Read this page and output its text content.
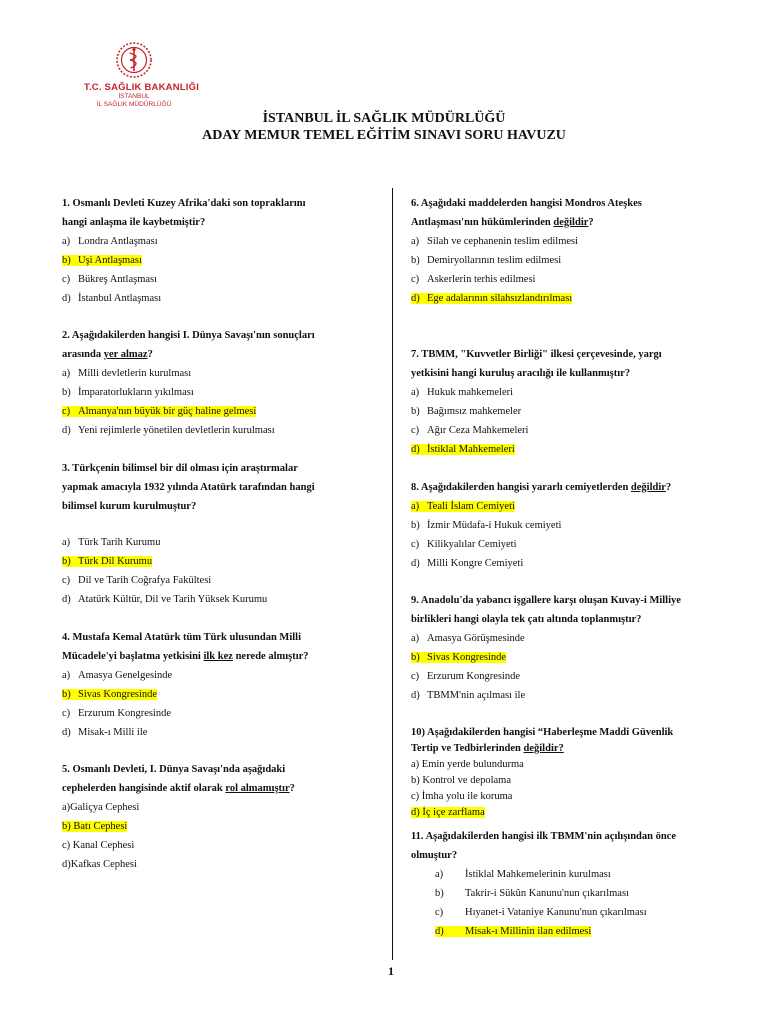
T.C. SAĞLIK BAKANLIĞI
İSTANBUL
İL SAĞLIK MÜDÜRLÜĞÜ
İSTANBUL İL SAĞLIK MÜDÜRLÜĞÜ
ADAY MEMUR TEMEL EĞİTİM SINAVI SORU HAVUZU
1. Osmanlı Devleti Kuzey Afrika'daki son topraklarını
hangi anlaşma ile kaybetmiştir?
a) Londra Antlaşması
b) Uşi Antlaşması
c) Bükreş Antlaşması
d) İstanbul Antlaşması
2. Aşağıdakilerden hangisi I. Dünya Savaşı'nın sonuçları
arasında yer almaz?
a) Milli devletlerin kurulması
b) İmparatorlukların yıkılması
c) Almanya'nın büyük bir güç haline gelmesi
d) Yeni rejimlerle yönetilen devletlerin kurulması
3. Türkçenin bilimsel bir dil olması için araştırmalar
yapmak amacıyla 1932 yılında Atatürk tarafından hangi
bilimsel kurum kurulmuştur?
a) Türk Tarih Kurumu
b) Türk Dil Kurumu
c) Dil ve Tarih Coğrafya Fakültesi
d) Atatürk Kültür, Dil ve Tarih Yüksek Kurumu
4. Mustafa Kemal Atatürk tüm Türk ulusundan Milli
Mücadele'yi başlatma yetkisini ilk kez nerede almıştır?
a) Amasya Genelgesinde
b) Sivas Kongresinde
c) Erzurum Kongresinde
d) Misak-ı Milli ile
5. Osmanlı Devleti, I. Dünya Savaşı'nda aşağıdaki
cephelerden hangisinde aktif olarak rol almamıştır?
a)Galiçya Cephesi
b) Batı Cephesi
c) Kanal Cephesi
d)Kafkas Cephesi
6. Aşağıdaki maddelerden hangisi Mondros Ateşkes
Antlaşması'nın hükümlerinden değildir?
a) Silah ve cephanenin teslim edilmesi
b) Demiryollarının teslim edilmesi
c) Askerlerin terhis edilmesi
d) Ege adalarının silahsızlandırılması
7. TBMM, "Kuvvetler Birliği" ilkesi çerçevesinde, yargı
yetkisini hangi kuruluş aracılığı ile kullanmıştır?
a) Hukuk mahkemeleri
b) Bağımsız mahkemeler
c) Ağır Ceza Mahkemeleri
d) İstiklal Mahkemeleri
8. Aşağıdakilerden hangisi yararlı cemiyetlerden değildir?
a) Teali İslam Cemiyeti
b) İzmir Müdafa-i Hukuk cemiyeti
c) Kilikyalılar Cemiyeti
d) Milli Kongre Cemiyeti
9. Anadolu'da yabancı işgallere karşı oluşan Kuvay-i Milliye
birlikleri hangi olayla tek çatı altında toplanmıştır?
a) Amasya Görüşmesinde
b) Sivas Kongresinde
c) Erzurum Kongresinde
d) TBMM'nin açılması ile
10) Aşağıdakilerden hangisi “Haberleşme Maddi Güvenlik
Tertip ve Tedbirlerinden değildir?
a) Emin yerde bulundurma
b) Kontrol ve depolama
c) İmha yolu ile koruma
d) İç içe zarflama
11. Aşağıdakilerden hangisi ilk TBMM'nin açılışından önce
olmuştur?
a) İstiklal Mahkemelerinin kurulması
b) Takrir-i Sükûn Kanunu'nun çıkarılması
c) Hıyanet-i Vataniye Kanunu'nun çıkarılması
d) Misak-ı Millinin ilan edilmesi
1
